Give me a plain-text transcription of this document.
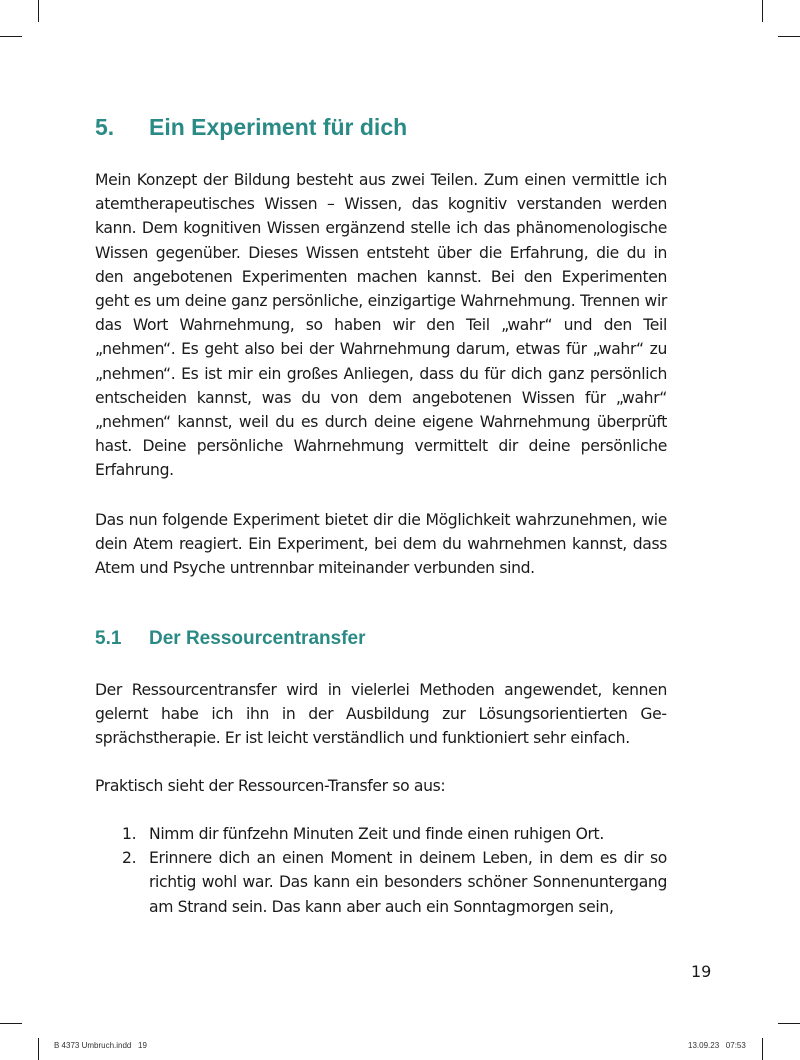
5. Ein Experiment für dich

Mein Konzept der Bildung besteht aus zwei Teilen. Zum einen vermittle ich atemtherapeutisches Wissen – Wissen, das kognitiv verstanden werden kann. Dem kognitiven Wissen ergänzend stelle ich das phänomenologische Wissen gegenüber. Dieses Wissen entsteht über die Erfahrung, die du in den angebotenen Experimenten machen kannst. Bei den Experimenten geht es um deine ganz persönliche, einzigartige Wahrnehmung. Trennen wir das Wort Wahrnehmung, so haben wir den Teil „wahr“ und den Teil „nehmen“. Es geht also bei der Wahrnehmung darum, etwas für „wahr“ zu „nehmen“. Es ist mir ein großes Anliegen, dass du für dich ganz persönlich entscheiden kannst, was du von dem angebotenen Wissen für „wahr“ „nehmen“ kannst, weil du es durch deine eigene Wahrnehmung überprüft hast. Deine persönliche Wahrnehmung vermittelt dir deine persönliche Erfahrung.

Das nun folgende Experiment bietet dir die Möglichkeit wahrzunehmen, wie dein Atem reagiert. Ein Experiment, bei dem du wahrnehmen kannst, dass Atem und Psyche untrennbar miteinander verbunden sind.

5.1 Der Ressourcentransfer

Der Ressourcentransfer wird in vielerlei Methoden angewendet, kennen gelernt habe ich ihn in der Ausbildung zur Lösungsorientierten Gesprächstherapie. Er ist leicht verständlich und funktioniert sehr einfach.

Praktisch sieht der Ressourcen-Transfer so aus:

1. Nimm dir fünfzehn Minuten Zeit und finde einen ruhigen Ort.

2. Erinnere dich an einen Moment in deinem Leben, in dem es dir so richtig wohl war. Das kann ein besonders schöner Sonnenuntergang am Strand sein. Das kann aber auch ein Sonntagmorgen sein,

19
B 4373 Umbruch.indd   19	13.09.23   07:53
